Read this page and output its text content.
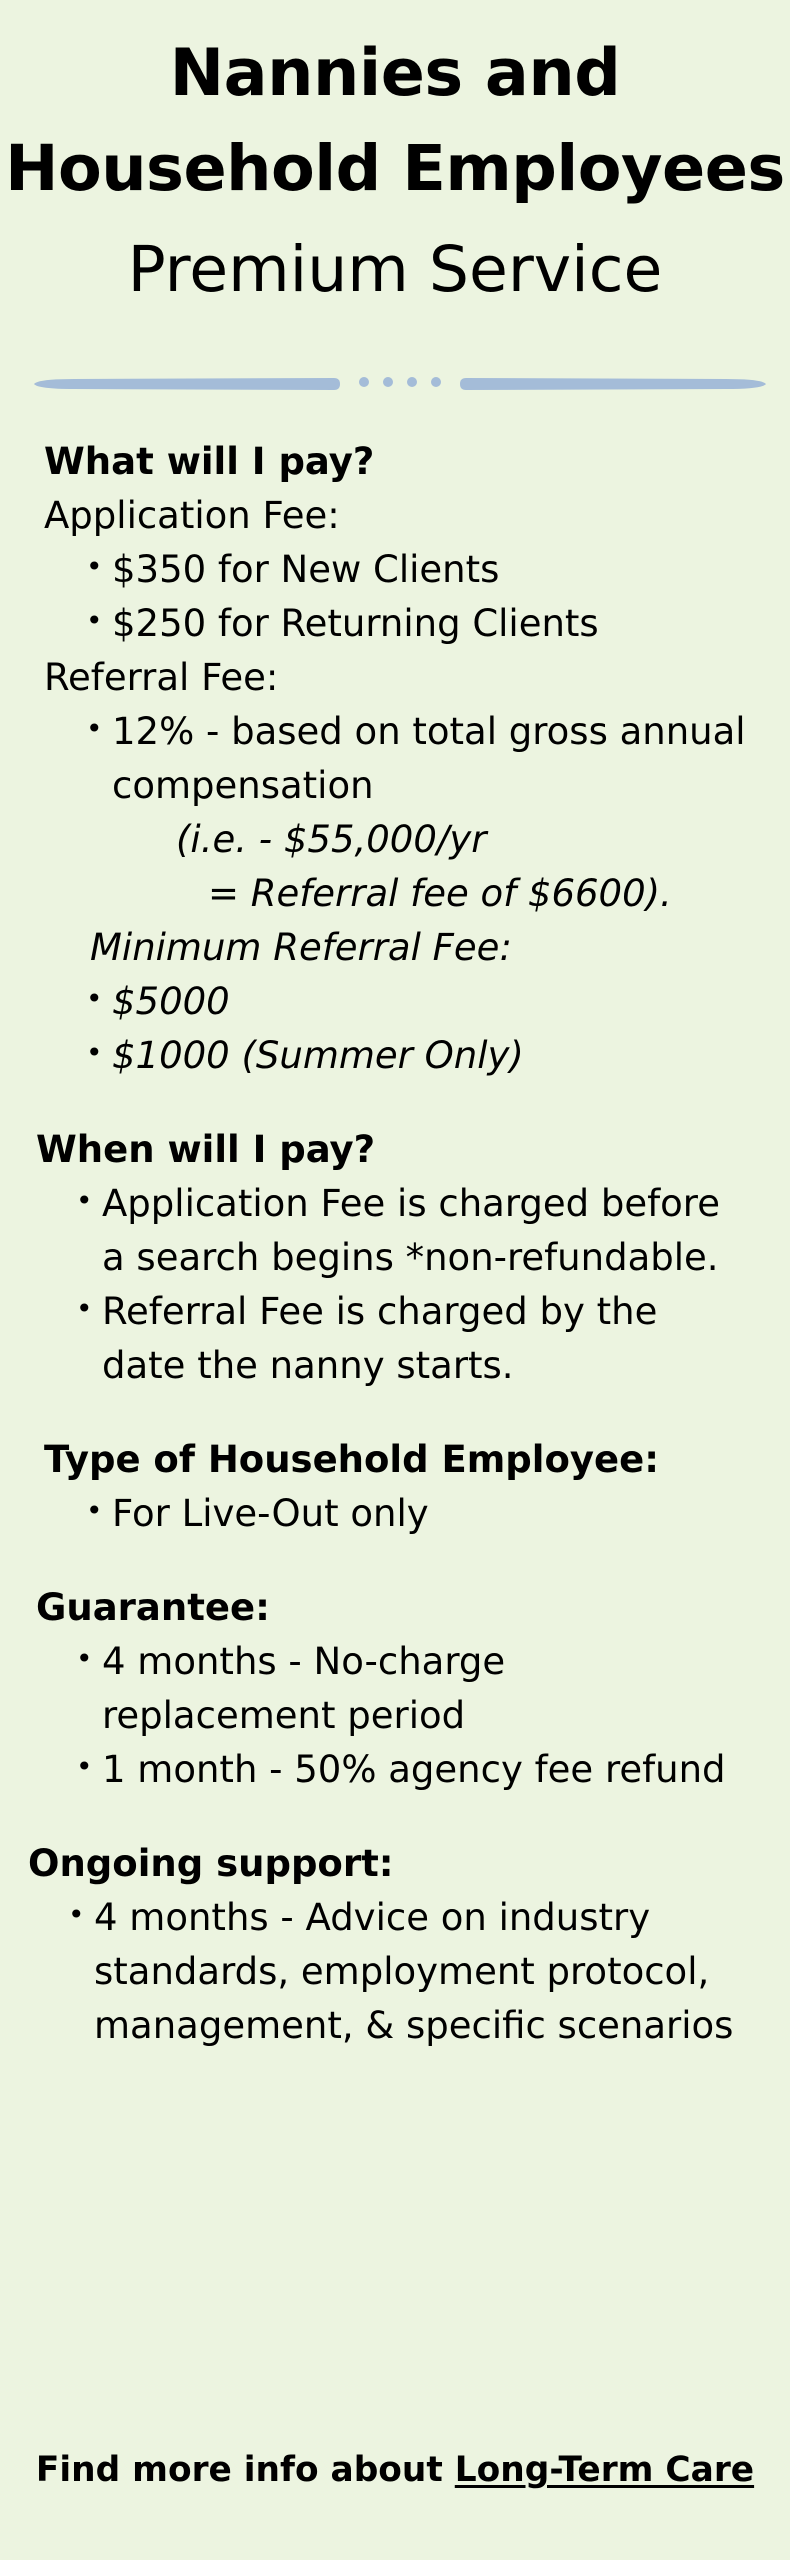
Nannies and
Household Employees
Premium Service
What will I pay?
Application Fee:
• $350 for New Clients
• $250 for Returning Clients
Referral Fee:
• 12% - based on total gross annual
compensation
(i.e. - $55,000/yr
= Referral fee of $6600).
Minimum Referral Fee:
• $5000
• $1000 (Summer Only)
When will I pay?
• Application Fee is charged before
a search begins *non-refundable.
• Referral Fee is charged by the
date the nanny starts.
Type of Household Employee:
• For Live-Out only
Guarantee:
• 4 months - No-charge
replacement period
• 1 month - 50% agency fee refund
Ongoing support:
• 4 months - Advice on industry
standards, employment protocol,
management, & specific scenarios
Find more info about Long-Term Care
